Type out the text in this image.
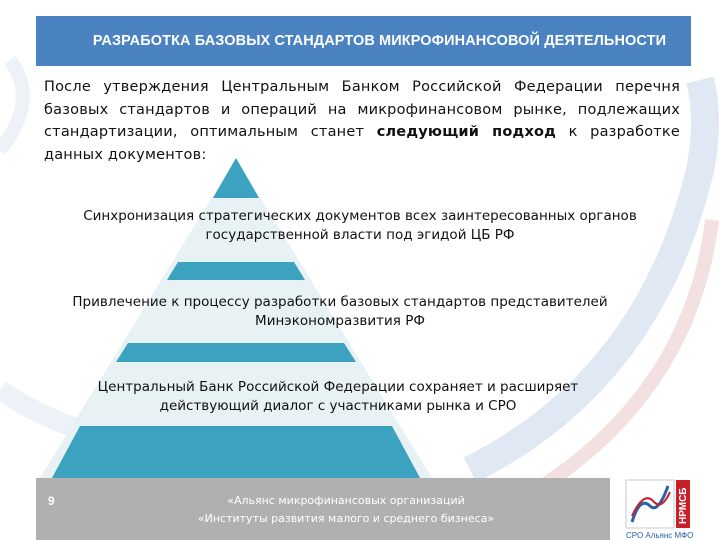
РАЗРАБОТКА БАЗОВЫХ СТАНДАРТОВ МИКРОФИНАНСОВОЙ ДЕЯТЕЛЬНОСТИ
После утверждения Центральным Банком Российской Федерации перечня базовых стандартов и операций на микрофинансовом рынке, подлежащих стандартизации, оптимальным станет следующий подход к разработке данных документов:
Синхронизация стратегических документов всех заинтересованных органов
государственной власти под эгидой ЦБ РФ
Привлечение к процессу разработки базовых стандартов представителей
Минэкономразвития РФ
Центральный Банк Российской Федерации сохраняет и расширяет
действующий диалог с участниками рынка и СРО
9	«Альянс микрофинансовых организаций
«Институты развития малого и среднего бизнеса»	НРМСБ
СРО Альянс МФО
